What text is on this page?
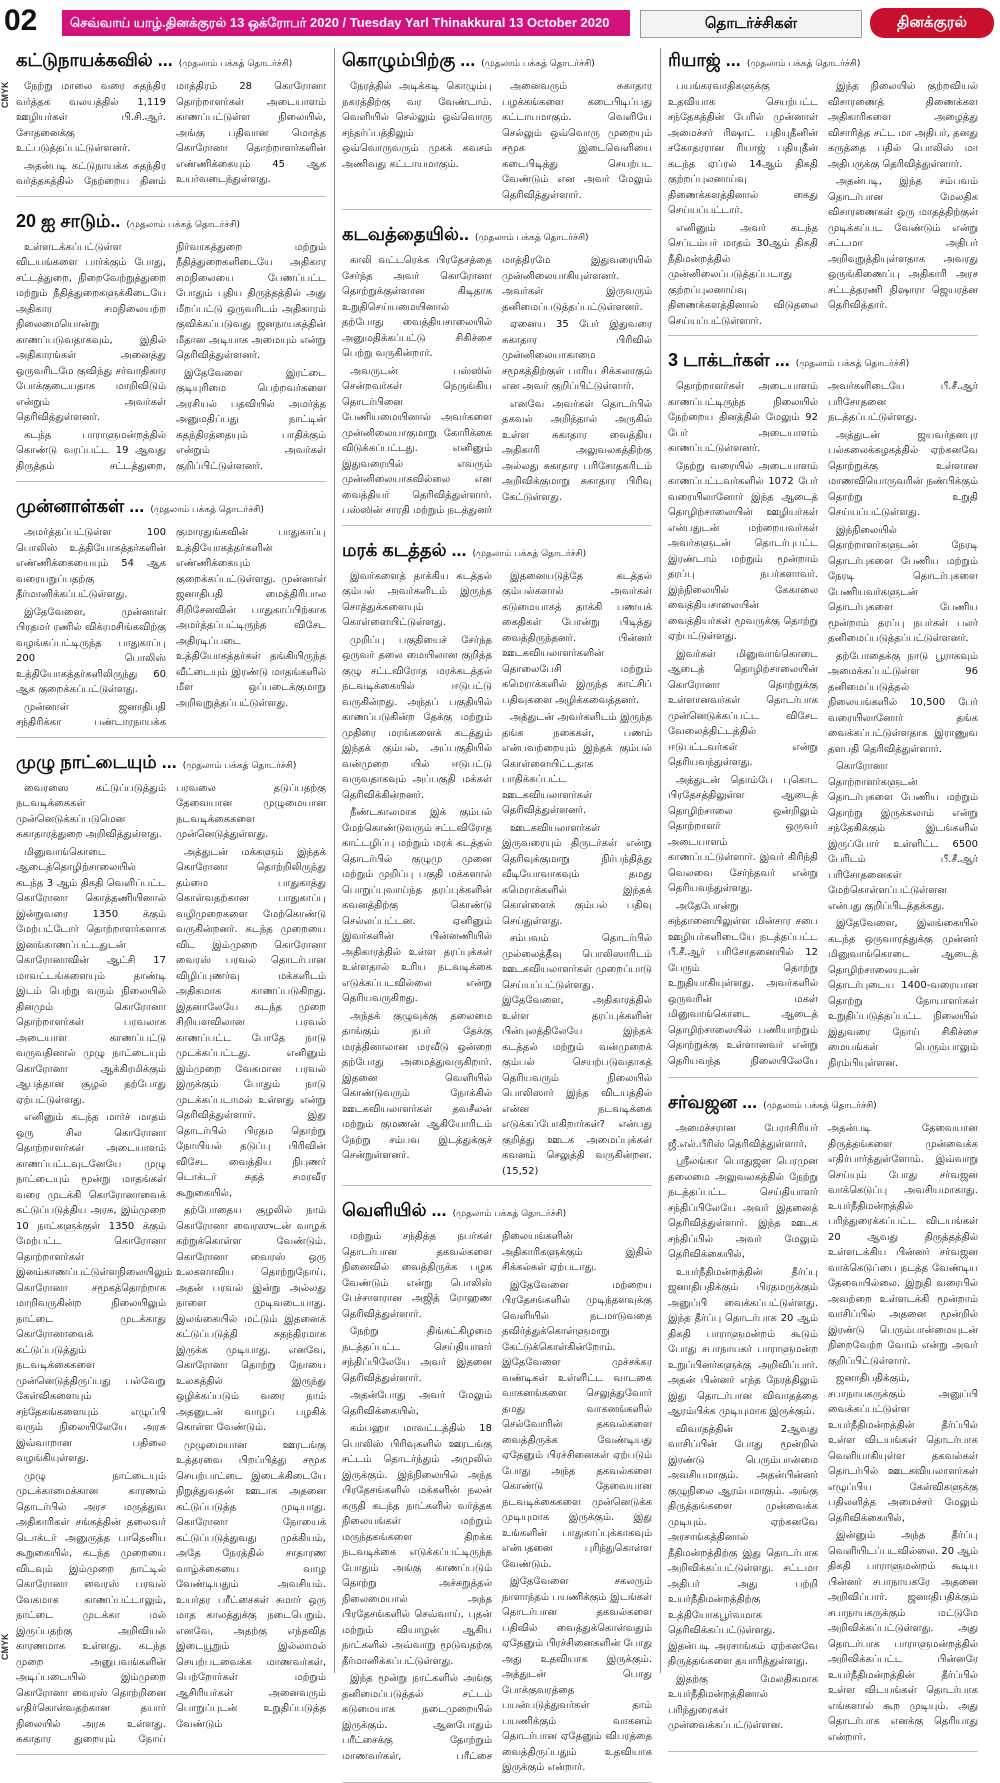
02	செவ்வாய் யாழ்.தினக்குரல் 13 ஒக்ரோபர் 2020 / Tuesday Yarl Thinakkural 13 October 2020	தொடர்ச்சிகள்	தினக்குரல்
CMYK
CMYK
கட்டுநாயக்கவில் ... (முதலாம் பக்கத் தொடர்ச்சி)

நேற்று மாலை வரை சுதந்திர வர்த்தக வலயத்தில் 1,119 ஊழியர்கள் பி.சி.ஆர். சோதனைக்கு உட்படுத்தப்பட்டுள்ளனர்.

அதன்படி கட்டுநாயக்க சுதந்திர வர்த்தகத்தில் நேற்றைய தினம் மாத்திரம் 28 கொரோனா தொற்றாளர்கள் அடையாளம் காணப்பட்டுள்ள நிலையில், அங்கு பதிவான மொத்த கொரோனா தொற்றாளர்களின் எண்ணிக்கையும் 45 ஆக உயர்வடைந்துள்ளது.

20 ஐ சாடும்.. (முதலாம் பக்கத் தொடர்ச்சி)

உள்ளடக்கப்பட்டுள்ள விடயங்களை பார்க்கும் போது, சட்டத்துறை, நிறைவேற்றுத்துறை மற்றும் நீதித்துறைகளுக்கிடையே அதிகார சமநிலையற்ற நிலைமையொன்று காணப்படுவதாகவும், இதில் அதிகாரங்கள் அனைத்து ஒருவரிடமே குவிந்து சர்வாதிகார போக்குடையதாக மாறிவிடும் என்றும் அவர்கள் தெரிவித்துள்ளனர்.

கடந்த பாராளுமன்றத்தில் கொண்டு வரப்பட்ட 19 ஆவது திருத்தம் சட்டத்துறை, நிர்வாகத்துறை மற்றும் நீதித்துறைகளிடையே அதிகார சமநிலையை பேணப்பட்ட போதும் புதிய திருத்தத்தில் அது மீறப்பட்டு ஒருவரிடம் அதிகாரம் குவிக்கப்படுவது ஜனநாயகத்தின் மீதான அடியாக அமையும் என்று தெரிவித்துள்ளனர்.

இதேவேளை இரட்டை குடியுரிமை பெற்றவர்களை அரசியல் பதவியில் அமர்த்த அனுமதிப்பது நாட்டின் சுதந்திரத்தையும் பாதிக்கும் என்றும் அவர்கள் குறிப்பிட்டுள்ளனர்.

முன்னாள்கள் ... (முதலாம் பக்கத் தொடர்ச்சி)

அமர்த்தப்பட்டுள்ள 100 பொலிஸ் உத்தியோகத்தர்களின் எண்ணிக்கையையும் 54 ஆக வரையறுப்பதற்கு தீர்மானிக்கப்பட்டுள்ளது.

இதேவேளை, முன்னாள் பிரதமர் ரணில் விக்ரமசிங்கவிற்கு வழங்கப்பட்டிருந்த பாதுகாப்பு 200 பொலிஸ் உத்தியோகத்தர்களிலிருந்து 60 ஆக குறைக்கப்பட்டுள்ளது.

முன்னாள் ஜனாதிபதி சந்திரிக்கா பண்டாரநாயக்க குமாரதுங்கவின் பாதுகாப்பு உத்தியோகத்தர்களின் எண்ணிக்கையும் குறைக்கப்பட்டுள்ளது. முன்னாள் ஜனாதிபதி மைத்திரிபால சிறிசேனவின் பாதுகாப்பிற்காக அமர்த்தப்பட்டிருந்த விசேட அதிரடிப்படை உத்தியோகத்தர்கள் தங்கியிருந்த வீட்டையும் இரண்டு மாதங்களில் மீள ஒப்படைக்குமாறு அறிவுறுத்தப்பட்டுள்ளது.

முழு நாட்டையும் ... (முதலாம் பக்கத் தொடர்ச்சி)

வைரஸை கட்டுப்படுத்தும் நடவடிக்கைகள் முன்னெடுக்கப்படுமென சுகாதாரத்துறை அறிவித்துள்ளது.

மினுவாங்கொடை ஆடைத்தொழிற்சாலையில் கடந்த 3 ஆம் திகதி வெளிப்பட்ட கொரோனா கொத்தணியினால் இன்றுவரை 1350 க்கும் மேற்பட்டோர் தொற்றாளர்களாக இனங்காணப்பட்டதுடன் கொரோனாவின் ஆட்சி 17 மாவட்டங்களையும் தாண்டி இடம் பெற்று வரும் நிலையில் தினமும் கொரோனா தொற்றாளர்கள் பரவலாக அடையாள காணப்பட்டு வருவதினால் முழு நாட்டையும் கொரோனா ஆக்கிரமிக்கும் ஆபத்தான சூழல் தற்போது ஏற்பட்டுள்ளது.

எனினும் கடந்த மார்ச் மாதம் ஒரு சில கொரோனா தொற்றாளர்கள் அடையாளம் காணப்பட்டவுடனேயே முழு நாட்டையும் மூன்று மாதங்கள் வரை முடக்கி கொரோனாவைக் கட்டுப்படுத்திய அரசு, இம்முறை 10 நாட்களுக்குள் 1350 க்கும் மேற்பட்ட கொரோனா தொற்றாளர்கள் இனம்காணப்பட்டுள்ளநிலையிலும் கொரோனா சமூகத்தொற்றாக மாறிவருகின்ற நிலையிலும் நாட்டை முடக்காது கொரோனாவைக் கட்டுப்படுத்தும் நடவடிக்கைகளை முன்னெடுத்திருப்பது பல்வேறு கேள்விகளையும் சந்தேகங்களையும் எழுப்பி வரும் நிலையிலேயே அரசு இவ்வாறான பதிலை வழங்கியுள்ளது.

முழு நாட்டையும் முடக்காமைக்கான காரணம் தொடர்பில் அரச மருத்துவ அதிகாரிகள் சங்கத்தின் தலைவர் டொக்டர் அனுருத்த பாதெனிய கூறுகையில், கடந்த முறையை விடவும் இம்முறை நாட்டில் கொரோனா வைரஸ் பரவல் வேகமாக காணப்பட்டாலும், நாட்டை முடக்கா மல் இருப்பதற்கு அறிவியல் காரணமாக உள்ளது. கடந்த முறை அனுபவங்களின் அடிப்படையில் இம்முறை கொரோனா வைரஸ் தொற்றினை எதிர்கொள்வதற்கான தயார் நிலையில் அரசு உள்ளது. சுகாதார துறையும் நோய் பரவலை தடுப்பதற்கு தேவையான முழுமையான நடவடிக்கைகளை முன்னெடுத்துள்ளது.

அத்துடன் மக்களும் இந்தக் கொரோனா தொற்றிலிருந்து தம்மை பாதுகாத்து கொள்வதற்கான பாதுகாப்பு வழிமுறைகளை மேற்கொண்டு வருகின்றனர். கடந்த முறையை விட இம்முறை கொரோனா வைரஸ் பரவல் தொடர்பான விழிப்புணர்வு மக்களிடம் அதிகமாக காணப்படுகிறது. இதனாலேயே கடந்த முறை சிறியளவிலான பரவல் காணப்பட்ட போதே நாடு முடக்கப்பட்டது. எனினும் இம்முறை வேகமான பரவல் இருக்கும் போதும் நாடு முடக்கப்படாமல் உள்ளது என்று தெரிவித்துள்ளார். இது தொடர்பில் பிரதம தொற்று நோயியல் தடுப்பு பிரிவின் விசேட வைத்திய நிபுணர் டொக்டர் சுதத் சமரவீர கூறுகையில்,

தற்போதைய சூழலில் நாம் கொரோனா வைரஸுடன் வாழக் கற்றுக்கொள்ள வேண்டும். கொரோனா வைரஸ் ஒரு உலகளாவிய தொற்றுநோய். அதன் பரவல் இன்று அல்லது நாளை முடிவடையாது. இலங்கையில் மட்டும் இதனைக் கட்டுப்படுத்தி சுதந்திரமாக இருக்க முடியாது. எனவே, கொரோனா தொற்று நோயை உலகத்தில் இருந்து ஒழிக்கப்படும் வரை நாம் அதனுடன் வாழப் பழகிக் கொள்ள வேண்டும்.

முழுமையான ஊரடங்கு உத்தரவை பிறப்பித்து சமூக செயற்பாட்டை இடைக்கிடையே நிறுத்துவதன் ஊடாக அதனை கட்டுப்படுத்த முடியாது. கொரோனா நோயைக் கட்டுப்படுத்துவது முக்கியம், அதே நேரத்தில் சாதாரண வாழ்க்கையை வாழ வேண்டியதும் அவசியம். உயர்தர பரீட்சைகள் சுமார் ஒரு மாத காலத்துக்கு நடைபெறும். எனவே, அதற்கு எந்தவித இடையூறும் இல்லாமல் செயற்படவைக்க மாணவர்கள், பெற்றோர்கள் மற்றும் ஆசிரியர்கள் அனைவரும் பொறுப்புடன் உறுதிப்படுத்த வேண்டும்

கொழும்பிற்கு ... (முதலாம் பக்கத் தொடர்ச்சி)

நேரத்தில் அடிக்கடி கொழும்பு நகரத்திற்கு வர வேண்டாம். வெளியில் செல்லும் ஒவ்வொரு சந்தர்ப்பத்திலும் ஒவ்வொருவரும் முகக் கவசம் அணிவது கட்டாயமாகும்.

அனைவரும் சுகாதார பழக்கங்களை கடைபிடிப்பது கட்டாயமாகும். வெளியே செல்லும் ஒவ்வொரு முறையும் சமூக இடைவெளியை கடைபிடித்து செயற்பட வேண்டும் என அவர் மேலும் தெரிவித்துள்ளார்.

கடவத்தையில்.. (முதலாம் பக்கத் தொடர்ச்சி)

காலி வட்டரெக்க பிரதேசத்தை சேர்ந்த அவர் கொரோனா தொற்றுக்குள்ளான கிடிதாக உறுதிசெய்யமையினால் தற்போது வைத்தியசாலையில் அனுமதிக்கப்பட்டு சிகிச்சை பெற்று வருகின்றார்.

அவருடன் பஸ்ஸில் சென்றவர்கள் நெருங்கிய தொடர்பினை பேணியமையினால் அவர்களை முன்னிலையாகுமாறு கோரிக்கை விடுக்கப்பட்டது. எனினும் இதுவரையில் எவரும் முன்னிலையாகவில்லை என வைத்தியர் தெரிவித்துள்ளார். பஸ்ஸின் சாரதி மற்றும் நடத்துனர் மாத்திரமே இதுவரையில் முன்னிலையாகியுள்ளனர். அவர்கள் இருவரும் தனிமைப்படுத்தப்பட்டுள்ளனர்.

ஏனைய 35 பேர் இதுவரை சுகாதார பிரிவில் முன்னிலையாகாமை சமூகத்திற்குள் பாரிய சிக்கலாகும் என அவர் குறிப்பிட்டுள்ளார்.

எனவே அவர்கள் தொடர்பில் தகவல் அறிந்தால் அருகில் உள்ள சுகாதார வைத்திய அதிகாரி அலுவலகத்திற்கு அல்லது சுகாதார பரிசோதகரிடம் அறிவிக்குமாறு சுகாதார பிரிவு கேட்டுள்ளது.

மரக் கடத்தல் ... (முதலாம் பக்கத் தொடர்ச்சி)

இவர்களைத் தாக்கிய கடத்தல் கும்பல் அவர்களிடம் இருந்த சொத்துக்களையும் கொள்ளையிட்டுள்ளது.

முறிப்பு பகுதியைச் சேர்ந்த ஒருவர் தலை மையிலான குறித்த குழு சட்டவிரோத மரக்கடத்தல் நடவடிக்கையில் ஈடுபட்டு வருகின்றது. அந்தப் பகுதியில் காணப்படுகின்ற தேக்கு மற்றும் முதிரை மரங்களைக் கடத்தும் இந்தக் கும்பல், அப்பகுதியில் வன்முறை யில் ஈடுபட்டு வருவதாகவும் அப்பகுதி மக்கள் தெரிவிக்கின்றனர்.

நீண்டகாலமாக இக் கும்பல் மேற்கொண்டுவரும் சட்டவிரோத காட்டழிப்பு மற்றும் மரக் கடத்தல் தொடர்பில் குழுமு முனை மற்றும் முறிப்பு பகுதி மக்களால் பொறுப்புவாய்ந்த தரப்புக்களின் கவனத்திற்கு கொண்டு செல்லப்பட்டன. ஏனினும் இவர்களின் பின்னணியில் அதிகாரத்தில் உள்ள தரப்புக்கள் உள்ளதால் உரிய நடவடிக்கை எடுக்கப்படவில்லை என்று தெரியவருகிறது.

அந்தக் குழுவுக்கு தலைமை தாங்கும் நபர் தேக்கு மரத்தினாலான மரவீடு ஒன்றை தற்போது அமைத்துவருகிறார். இதனை வெளியில் கொண்டுவரும் நோக்கில் ஊடகவியலாளர்கள் தவசீலன் மற்றும் குமணன் ஆகியோரிடம் நேற்று சம்பவ இடத்துக்குச் சென்றுள்ளனர்.

இதனையடுத்தே கடத்தல் கும்பல்களால் அவர்கள் கடுமையாகத் தாக்கி பணயக் கைதிகள் போன்று பிடித்து வைத்திருந்தனர். பின்னர் ஊடகவியலாளர்களின் தொலைபேசி மற்றும் கமெராக்களில் இருந்த காட்சிப் பதிவுகளை அழிக்கவைத்தனர்.

அத்துடன் அவர்களிடம் இருந்த தங்க நகைகள், பணம் என்பவற்றையும் இந்தக் கும்பல் கொள்ளையிட்டதாக பாதிக்கப்பட்ட ஊடகவியலாளர்கள் தெரிவித்துள்ளனர்.

ஊடகவியலாளர்கள் இருவரையும் திருடர்கள் என்று தெரிவுக்குமாறு நிர்பந்தித்து வீடியோவாகவும் தமது கமெராக்களில் இந்தக் கொள்ளைக் கும்பல் பதிவு செய்துள்ளது.

சம்பவம் தொடர்பில் முல்லைத்தீவு பொலிஸாரிடம் ஊடகவியலாளர்கள் முறைப்பாடு செய்யப்பட்டுள்ளது. இதேவேளை, அதிகாரத்தில் உள்ள தரப்புக்களின் பின்புலத்திலேயே இந்தக் கடத்தல் மற்றும் வன்முறைக் கும்பல் செயற்படுவதாகத் தெரியவரும் நிலையில் பொலிஸார் இந்த விடயத்தில் என்ன நடவடிக்கை எடுக்கப்போகிறார்கள்? என்பது குறித்து ஊடக அமைப்புக்கள் கவனம் செலுத்தி வருகின்றன.(15,52)

வெளியில் ... (முதலாம் பக்கத் தொடர்ச்சி)

மற்றும் சந்தித்த நபர்கள் தொடர்பான தகவல்களை நினைவில் வைத்திருக்க பழக வேண்டும் என்று பொலிஸ் பேச்சாளரான அஜித் ரோஹண தெரிவித்துள்ளார்.

நேற்று திங்கட்கிழமை நடத்தப்பட்ட செய்தியாளர் சந்திப்பிலேயே அவர் இதனை தெரிவித்துள்ளார்.

அதன்போது அவர் மேலும் தெரிவிக்கையில்,

கம்பஹா மாவட்டத்தில் 18 பொலிஸ் பிரிவுகளில் ஊரடங்கு சட்டம் தொடர்ந்தும் அமுலில் இருக்கும். இந்நிலையில் அந்த பிரதேசங்களில் மக்களின் நலன் கருதி கடந்த நாட்களில் வர்த்தக நிலையங்கள் மற்றும் மருந்தகங்களை திறக்க நடவடிக்கை எடுக்கப்பட்டிருந்த போதும் அங்கு காணப்படும் தொற்று அச்சுறுத்தல் நிலைமையால் அந்த பிரதேசங்களில் செவ்வாய், புதன் மற்றும் வியாழன் ஆகிய நாட்களில் அவ்வாறு மூடுவதற்கு தீர்மானிக்கப்பட்டுள்ளது.

இந்த மூன்று நாட்களில் அங்கு தனிமைப்படுத்தல் சட்டம் கடுமையாக நடைமுறையில் இருக்கும். ஆனபோதும் பரீட்சைக்கு தோற்றும் மாணவர்கள், பரீட்சை நிலையங்களின் அதிகாரிகளுக்கும் இதில் சிக்கல்கள் ஏற்படாது.

இதேவேளை மற்றைய பிரதேசங்களில் முடிந்தளவுக்கு வெளியில் நடமாடுவதை தவிர்த்துக்கொள்ளுமாறு கேட்டுக்கொள்கின்றோம். இதேவேளை முச்சக்கர வண்டிகள் உள்ளிட்ட வாடகை வாகனங்களை செலுத்துவோர் தமது வாகனங்களில் செல்வோரின் தகவல்களை வைத்திருக்க வேண்டியது ஏதேனும் பிரச்சினைகள் ஏற்படும் போது அந்த தகவல்களை கொண்டு தேவையான நடவடிக்கைகளை முன்னெடுக்க முடியுமாக இருக்கும். இது உங்களின் பாதுகாப்புக்காகவும் என்பதனை புரிந்துகொள்ள வேண்டும்.

இதேவேளை சகலரும் நாளாந்தம் பயணிக்கும் இடங்கள் தொடர்பான தகவல்களை பதிவில் வைத்துக்கொள்வதும் ஏதேனும் பிரச்சினைகளின் போது அது உதவியாக இருக்கும். அத்துடன் பொது போக்குவரத்தை பயன்படுத்துவர்கள் தாம் பயணிக்கும் வாகனம் தொடர்பான ஏதேனும் விபரத்தை வைத்திருப்பதும் உதவியாக இருக்கும் என்றார்.

ரியாஜ் ... (முதலாம் பக்கத் தொடர்ச்சி)

பயங்கரவாதிகளுக்கு உதவியாக செயற்பட்ட சந்தேகத்தின் பேரில் முன்னாள் அமைச்சர் ரிஷாட் பதியுதீனின் சகோதரரான ரியாஜ் பதியுதீன் கடந்த ஏப்ரல் 14ஆம் திகதி குற்றப்புலனாய்வு திணைக்களத்தினால் கைது செய்யப்பட்டார்.

எனினும் அவர் கடந்த செப்டம்பர் மாதம் 30ஆம் திகதி நீதிமன்றத்தில் முன்னிலைப்படுத்தப்படாது குற்றப்புலனாய்வு திணைக்களத்தினால் விடுதலை செய்யப்பட்டுள்ளார்.

இந்த நிலையில் குற்றவியல் விசாரணைத் திணைக்கள அதிகாரிகளை அழைத்து விசாரித்த சட்ட மா அதிபர், தனது கருத்தை பதில் பொலிஸ் மா அதிபருக்கு தெரிவித்துள்ளார்.

அதன்படி, இந்த சம்பவம் தொடர்பான மேலதிக விசாரணைகள் ஒரு மாதத்திற்குள் முடிக்கப்பட வேண்டும் என்று சட்டமா அதிபர் அறிவுறுத்தியுள்ளதாக அவரது ஒருங்கிணைப்பு அதிகாரி அரச சட்டத்தரணி நிஷாரா ஜெயரத்ன தெரிவித்தார்.

3 டாக்டர்கள் ... (முதலாம் பக்கத் தொடர்ச்சி)

தொற்றாளர்கள் அடையாளம் காணப்பட்டிருந்த நிலையில் நேற்றைய தினத்தில் மேலும் 92 பேர் அடையாளம் காணப்பட்டுள்ளனர்.

நேற்று வரையில் அடையாளம் காணப்பட்டவர்களில் 1072 பேர் வரையிலானோர் இந்த ஆடைத் தொழிற்சாலையின் ஊழியர்கள் என்பதுடன் மற்றையவர்கள் அவர்களுடன் தொடர்புபட்ட இரண்டாம் மற்றும் மூன்றாம் தரப்பு நபர்களாவர். இந்நிலையில் கேகாலை வைத்தியசாலையின் வைத்தியர்கள் மூவருக்கு தொற்று ஏற்பட்டுள்ளது.

இவர்கள் மினுவாங்கொடை ஆடைத் தொழிற்சாலையின் கொரோனா தொற்றுக்கு உள்ளானவர்கள் தொடர்பாக முன்னெடுக்கப்பட்ட விசேட வேலைத்திட்டத்தில் ஈடுபட்டவர்கள் என்று தெரியவந்துள்ளது.

அத்துடன் தொம்பே புகொட பிரதேசத்திலுள்ள ஆடைத் தொழிற்சாலை ஒன்றிலும் தொற்றாளர் ஒருவர் அடையாளம் காணப்பட்டுள்ளார். இவர் கிரிந்தி வெலவை சேர்ந்தவர் என்று தெரியவந்துள்ளது.

அதேபோன்று சுந்தானையிலுள்ள மின்சார சபை ஊழியர்களிடையே நடத்தப்பட்ட பீ.சீ.ஆர் பரிசோதனையில் 12 பேரும் தொற்று உறுதியாகியுள்ளது. அவர்களில் ஒருவரின் மகள் மினுவாங்கொடை ஆடைத் தொழிற்சாலையில் பணியாற்றும் தொற்றுக்கு உள்ளானவர் என்று தெரியவந்த நிலையிலேயே அவர்களிடையே பீ.சீ.ஆர் பரிசோதனை நடத்தப்பட்டுள்ளது.

அத்துடன் ஜயவர்தனபுர பல்கலைக்கழகத்தில் ஏற்கனவே தொற்றுக்கு உள்ளான மாணவியொருவரின் நண்பிக்கும் தொற்று உறுதி செய்யப்பட்டுள்ளது.

இந்நிலையில் தொற்றாளர்களுடன் நேரடி தொடர்புகளை பேணிய மற்றும் நேரடி தொடர்புகளை பேணியவர்களுடன் தொடர்புகளை பேணிய மூன்றாம் தரப்பு நபர்கள் பலர் தனிமைப்படுத்தப்பட்டுள்ளனர்.

தற்போதைக்கு நாடு பூராகவும் அமைக்கப்பட்டுள்ள 96 தனிமைப்படுத்தல் நிலையங்களில் 10,500 பேர் வரையிலானோர் தங்க வைக்கப்பட்டுள்ளதாக இராணுவ தளபதி தெரிவித்துள்ளார்.

கொரோனா தொற்றாளர்களுடன் தொடர்புகளை பேணிய மற்றும் தொற்று இருக்கலாம் என்று சந்தேகிக்கும் இடங்களில் இருப்போர் உள்ளிட்ட 6500 பேரிடம் பீ.சீ.ஆர் பரிசோதனைகள் மேற்கொள்ளப்பட்டுள்ளன என்பது குறிப்பிடத்தக்கது.

இதேவேளை, இலங்கையில் கடந்த ஒருவாரத்துக்கு முன்னர் மினுவாங்கொடை ஆடைத் தொழிற்சாலையுடன் தொடர்புடைய 1400-வரையான தொற்று நோயாளர்கள் உறுதிப்படுத்தப்பட்ட நிலையில் இதுவரை நோய் சிகிச்சை மையங்கள் பெரும்பாலும் நிரம்பியுள்ளன.

சர்வஜன ... (முதலாம் பக்கத் தொடர்ச்சி)

அமைச்சரான பேராசிரியர் ஜீ.எல்.பீரிஸ் தெரிவித்துள்ளார்.

ஸ்ரீலங்கா பொதுஜன பெரமுன தலைமை அலுவலகத்தில் நேற்று நடத்தப்பட்ட செய்தியாளர் சந்திப்பிலேயே அவர் இதனைத் தெரிவித்துள்ளார். இந்த ஊடக சந்திப்பில் அவர் மேலும் தெரிவிக்கையில்,

உயர்நீதிமன்றத்தின் தீர்ப்பு ஜனாதிபதிக்கும் பிரதமருக்கும் அனுப்பி வைக்கப்பட்டுள்ளது. இந்த தீர்ப்பு தொடர்பாக 20 ஆம் திகதி பாராளுமன்றம் கூடும் போது சபாநாயகர் பாராளுமன்ற உறுப்பினர்களுக்கு அறிவிப்பார். அதன் பின்னர் எந்த நேரத்திலும் இது தொடர்பான விவாதத்தை ஆரம்பிக்க முடியுமாக இருக்கும்.

விவாதத்தின் 2ஆவது வாசிப்பின் போது மூன்றில் இரண்டு பெரும்பான்மை அவசியமாகும். அதன்பின்னர் குழுநிலை ஆரம்பமாகும். அங்கு திருத்தங்களை முன்வைக்க முடியும். ஏற்கனவே அரசாங்கத்தினால் நீதிமன்றத்திற்கு இது தொடர்பாக அறிவிக்கப்பட்டுள்ளது. சட்டமா அதிபர் அது பற்றி உயர்நீதிமன்றத்திற்கு உத்தியோகபூர்வமாக தெரிவிக்கப்பட்டுள்ளது. இதன்படி அரசாங்கம் ஏற்கனவே திருத்தங்களை தயாரித்துள்ளது.

இதற்கு மேலதிகமாக உயர்நீதிமன்றத்தினால் பரிந்துரைகள் முன்வைக்கப்பட்டுள்ளன. அதன்படி தேவையான திருத்தங்களை முன்வைக்க எதிர்பார்த்துள்ளோம். இவ்வாறு செய்யும் போது சர்வஜன வாக்கெடுப்பு அவசியமாகாது. உயர்நீதிமன்றத்தில் பரிந்துரைக்கப்பட்ட விடயங்கள் 20 ஆவது திருத்தத்தில் உள்ளடக்கிய பின்னர் சர்வஜன வாக்கெடுப்பை நடத்த வேண்டிய தேவையில்லை. இறுதி வரைபில் அவற்றை உள்ளடக்கி மூன்றாம் வாசிப்பில் அதனை மூன்றில் இரண்டு பெரும்பான்மையுடன் நிறைவேற்ற வோம் என்று அவர் குறிப்பிட்டுள்ளார்.

ஜனாதிபதிக்கும், சபாநாயகருக்கும் அனுப்பி வைக்கப்பட்டுள்ள உயர்நீதிமன்றத்தின் தீர்ப்பில் உள்ள விடயங்கள் தொடர்பாக வெளியாகியுள்ள தகவல்கள் தொடர்பில் ஊடகவியலாளர்கள் எழுப்பிய கேள்விகளுக்கு பதிலளித்த அமைச்சர் மேலும் தெரிவிக்கையில்,

இன்னும் அந்த தீர்ப்பு வெளியிடப்படவில்லை. 20 ஆம் திகதி பாராளுமன்றம் கூடிய பின்னர் சபாநாயகரே அதனை அறிவிப்பார். ஜனாதிபதிக்கும் சபாநாயகருக்கும் மட்டுமே அறிவிக்கப்பட்டுள்ளது. அது தொடர்பாக பாராளுமன்றத்தில் அறிவிக்கப்பட்ட பின்னரே உயர்நீதிமன்றத்தின் தீர்ப்பில் உள்ள விடயங்கள் தொடர்பாக எங்களால் கூற முடியும். அது தொடர்பாக எனக்கு தெரியாது என்றார்.
